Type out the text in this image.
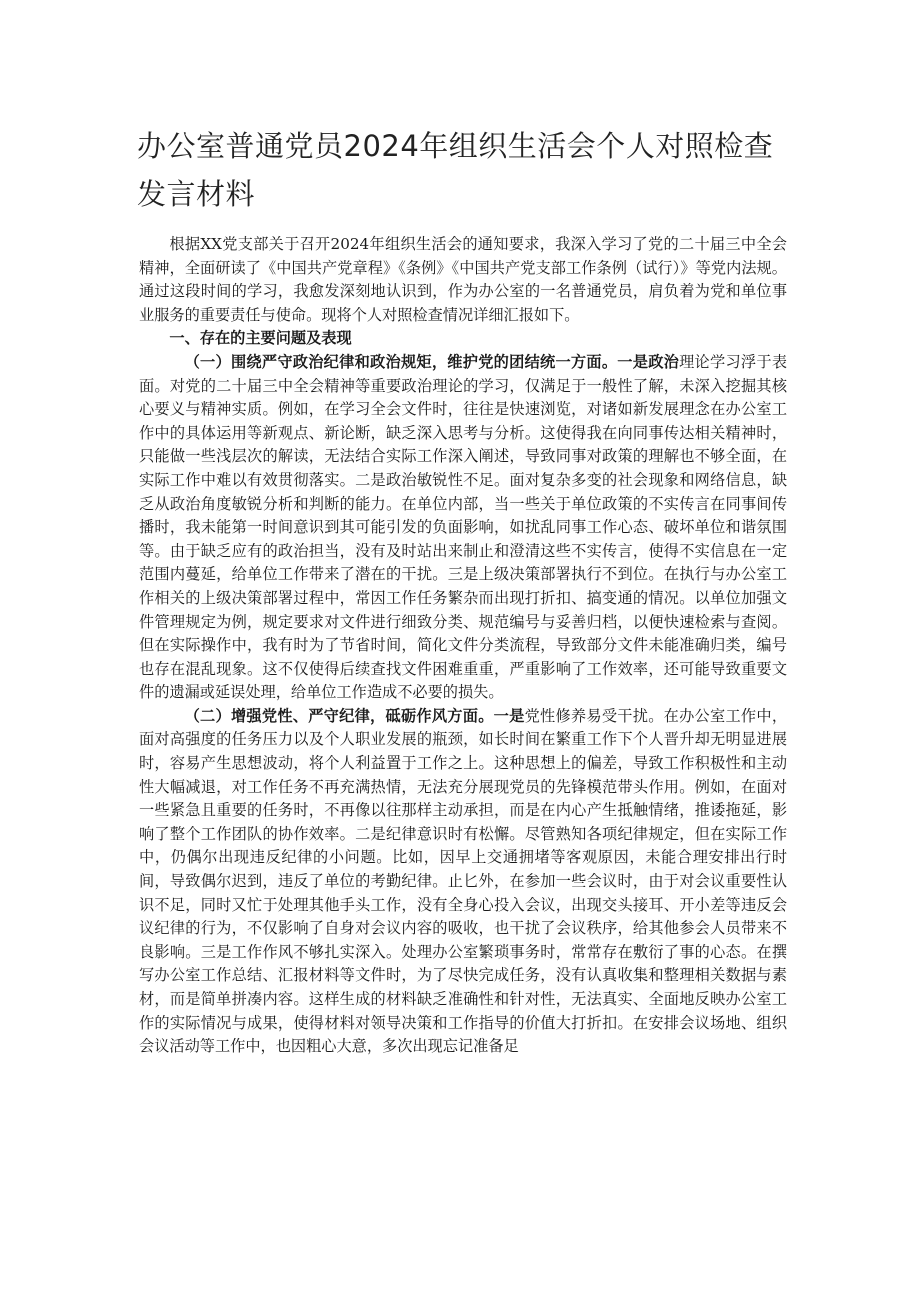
办公室普通党员2024年组织生活会个人对照检查发言材料

根据XX党支部关于召开2024年组织生活会的通知要求，我深入学习了党的二十届三中全会精神，全面研读了《中国共产党章程》《条例》《中国共产党支部工作条例（试行）》等党内法规。通过这段时间的学习，我愈发深刻地认识到，作为办公室的一名普通党员，肩负着为党和单位事业服务的重要责任与使命。现将个人对照检查情况详细汇报如下。

一、存在的主要问题及表现

（一）围绕严守政治纪律和政治规矩，维护党的团结统一方面。一是政治理论学习浮于表面。对党的二十届三中全会精神等重要政治理论的学习，仅满足于一般性了解，未深入挖掘其核心要义与精神实质。例如，在学习全会文件时，往往是快速浏览，对诸如新发展理念在办公室工作中的具体运用等新观点、新论断，缺乏深入思考与分析。这使得我在向同事传达相关精神时，只能做一些浅层次的解读，无法结合实际工作深入阐述，导致同事对政策的理解也不够全面，在实际工作中难以有效贯彻落实。二是政治敏锐性不足。面对复杂多变的社会现象和网络信息，缺乏从政治角度敏锐分析和判断的能力。在单位内部，当一些关于单位政策的不实传言在同事间传播时，我未能第一时间意识到其可能引发的负面影响，如扰乱同事工作心态、破坏单位和谐氛围等。由于缺乏应有的政治担当，没有及时站出来制止和澄清这些不实传言，使得不实信息在一定范围内蔓延，给单位工作带来了潜在的干扰。三是上级决策部署执行不到位。在执行与办公室工作相关的上级决策部署过程中，常因工作任务繁杂而出现打折扣、搞变通的情况。以单位加强文件管理规定为例，规定要求对文件进行细致分类、规范编号与妥善归档，以便快速检索与查阅。但在实际操作中，我有时为了节省时间，简化文件分类流程，导致部分文件未能准确归类，编号也存在混乱现象。这不仅使得后续查找文件困难重重，严重影响了工作效率，还可能导致重要文件的遗漏或延误处理，给单位工作造成不必要的损失。

（二）增强党性、严守纪律，砥砺作风方面。一是党性修养易受干扰。在办公室工作中，面对高强度的任务压力以及个人职业发展的瓶颈，如长时间在繁重工作下个人晋升却无明显进展时，容易产生思想波动，将个人利益置于工作之上。这种思想上的偏差，导致工作积极性和主动性大幅减退，对工作任务不再充满热情，无法充分展现党员的先锋模范带头作用。例如，在面对一些紧急且重要的任务时，不再像以往那样主动承担，而是在内心产生抵触情绪，推诿拖延，影响了整个工作团队的协作效率。二是纪律意识时有松懈。尽管熟知各项纪律规定，但在实际工作中，仍偶尔出现违反纪律的小问题。比如，因早上交通拥堵等客观原因，未能合理安排出行时间，导致偶尔迟到，违反了单位的考勤纪律。止匕外，在参加一些会议时，由于对会议重要性认识不足，同时又忙于处理其他手头工作，没有全身心投入会议，出现交头接耳、开小差等违反会议纪律的行为，不仅影响了自身对会议内容的吸收，也干扰了会议秩序，给其他参会人员带来不良影响。三是工作作风不够扎实深入。处理办公室繁琐事务时，常常存在敷衍了事的心态。在撰写办公室工作总结、汇报材料等文件时，为了尽快完成任务，没有认真收集和整理相关数据与素材，而是简单拼凑内容。这样生成的材料缺乏准确性和针对性，无法真实、全面地反映办公室工作的实际情况与成果，使得材料对领导决策和工作指导的价值大打折扣。在安排会议场地、组织会议活动等工作中，也因粗心大意，多次出现忘记准备足
